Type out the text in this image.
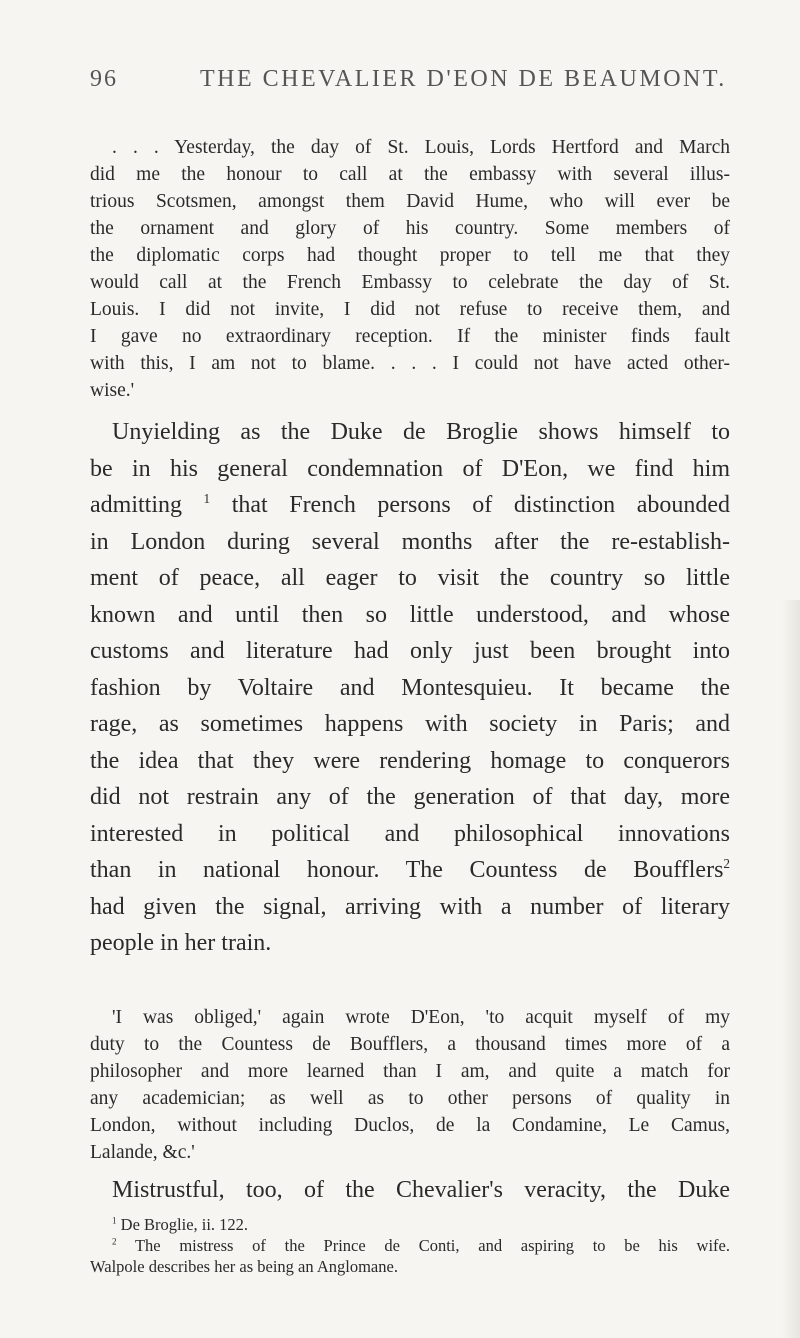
96	THE CHEVALIER D'EON DE BEAUMONT.
. . . Yesterday, the day of St. Louis, Lords Hertford and March
did me the honour to call at the embassy with several illus-
trious Scotsmen, amongst them David Hume, who will ever be
the ornament and glory of his country. Some members of
the diplomatic corps had thought proper to tell me that they
would call at the French Embassy to celebrate the day of St.
Louis. I did not invite, I did not refuse to receive them, and
I gave no extraordinary reception. If the minister finds fault
with this, I am not to blame. . . . I could not have acted other-
wise.'
Unyielding as the Duke de Broglie shows himself to
be in his general condemnation of D'Eon, we find him
admitting $^1$ that French persons of distinction abounded
in London during several months after the re-establish-
ment of peace, all eager to visit the country so little
known and until then so little understood, and whose
customs and literature had only just been brought into
fashion by Voltaire and Montesquieu. It became the
rage, as sometimes happens with society in Paris; and
the idea that they were rendering homage to conquerors
did not restrain any of the generation of that day, more
interested in political and philosophical innovations
than in national honour. The Countess de Boufflers$^2$
had given the signal, arriving with a number of literary
people in her train.
'I was obliged,' again wrote D'Eon, 'to acquit myself of my
duty to the Countess de Boufflers, a thousand times more of a
philosopher and more learned than I am, and quite a match for
any academician; as well as to other persons of quality in
London, without including Duclos, de la Condamine, Le Camus,
Lalande, &c.'
Mistrustful, too, of the Chevalier's veracity, the Duke
$^1$ De Broglie, ii. 122.
$^2$ The mistress of the Prince de Conti, and aspiring to be his wife.
Walpole describes her as being an Anglomane.
